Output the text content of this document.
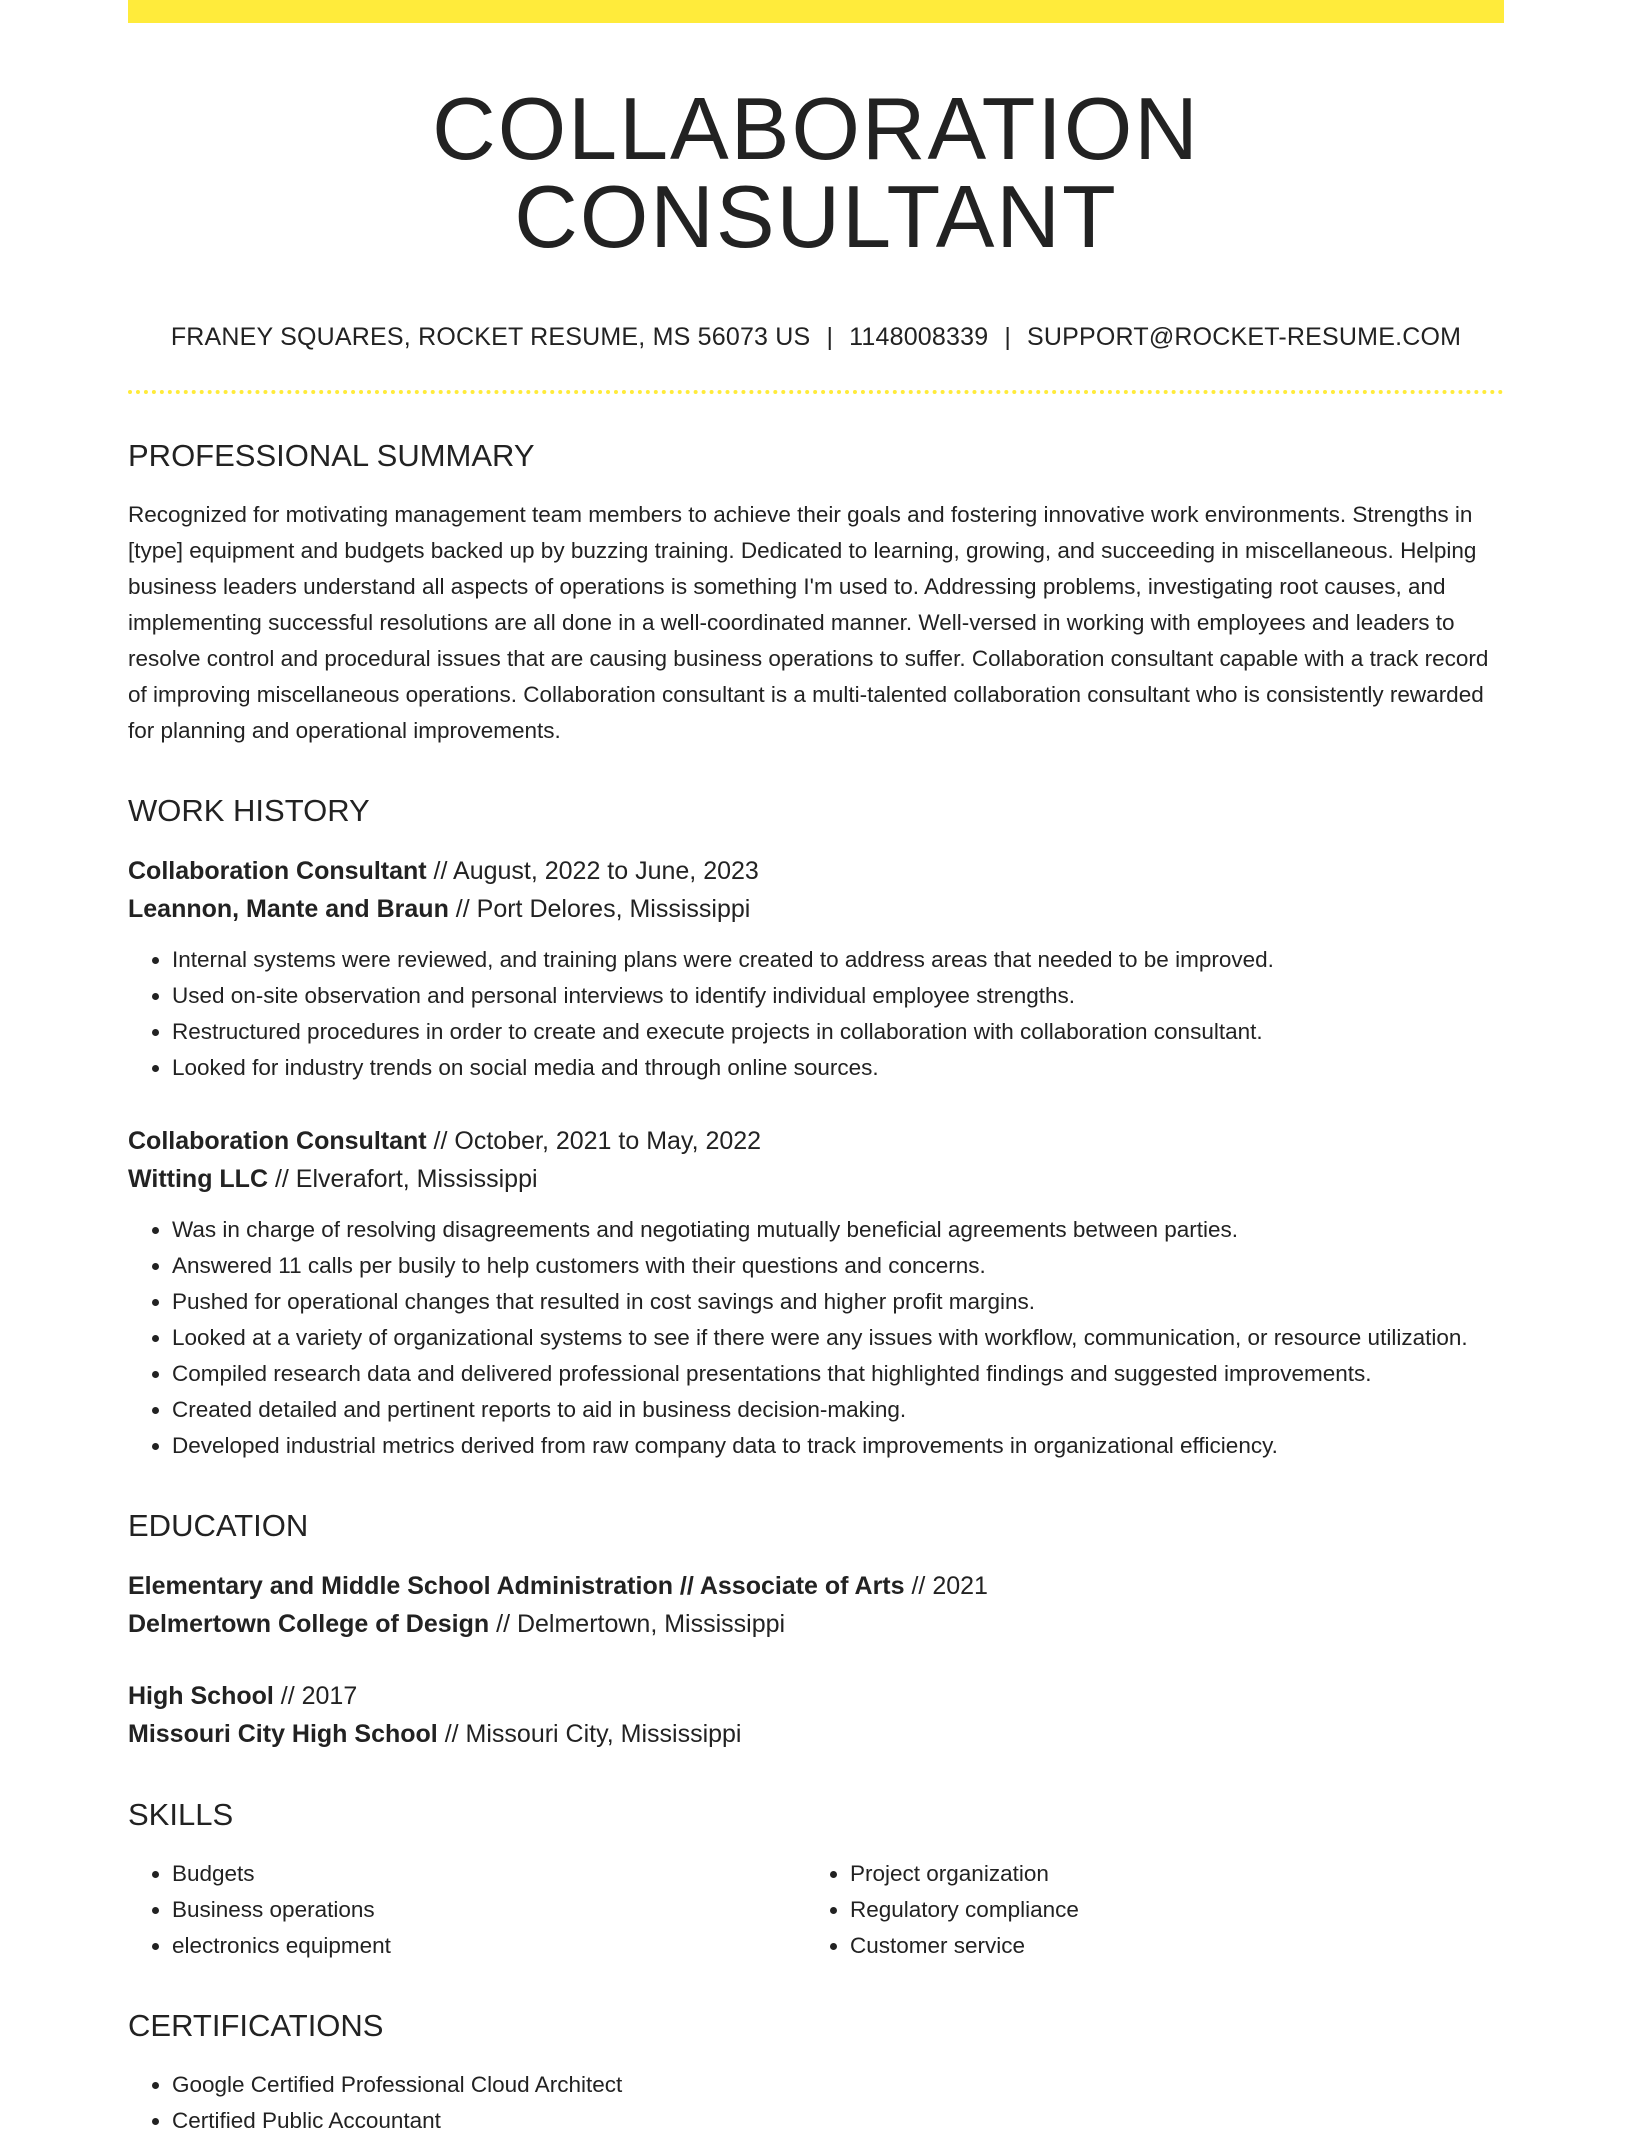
COLLABORATION CONSULTANT
FRANEY SQUARES, ROCKET RESUME, MS 56073 US | 1148008339 | SUPPORT@ROCKET-RESUME.COM
PROFESSIONAL SUMMARY
Recognized for motivating management team members to achieve their goals and fostering innovative work environments. Strengths in [type] equipment and budgets backed up by buzzing training. Dedicated to learning, growing, and succeeding in miscellaneous. Helping business leaders understand all aspects of operations is something I'm used to. Addressing problems, investigating root causes, and implementing successful resolutions are all done in a well-coordinated manner. Well-versed in working with employees and leaders to resolve control and procedural issues that are causing business operations to suffer. Collaboration consultant capable with a track record of improving miscellaneous operations. Collaboration consultant is a multi-talented collaboration consultant who is consistently rewarded for planning and operational improvements.
WORK HISTORY
Collaboration Consultant // August, 2022 to June, 2023
Leannon, Mante and Braun // Port Delores, Mississippi
• Internal systems were reviewed, and training plans were created to address areas that needed to be improved.
• Used on-site observation and personal interviews to identify individual employee strengths.
• Restructured procedures in order to create and execute projects in collaboration with collaboration consultant.
• Looked for industry trends on social media and through online sources.
Collaboration Consultant // October, 2021 to May, 2022
Witting LLC // Elverafort, Mississippi
• Was in charge of resolving disagreements and negotiating mutually beneficial agreements between parties.
• Answered 11 calls per busily to help customers with their questions and concerns.
• Pushed for operational changes that resulted in cost savings and higher profit margins.
• Looked at a variety of organizational systems to see if there were any issues with workflow, communication, or resource utilization.
• Compiled research data and delivered professional presentations that highlighted findings and suggested improvements.
• Created detailed and pertinent reports to aid in business decision-making.
• Developed industrial metrics derived from raw company data to track improvements in organizational efficiency.
EDUCATION
Elementary and Middle School Administration // Associate of Arts // 2021
Delmertown College of Design // Delmertown, Mississippi
High School // 2017
Missouri City High School // Missouri City, Mississippi
SKILLS
• Budgets
• Business operations
• electronics equipment
• Project organization
• Regulatory compliance
• Customer service
CERTIFICATIONS
• Google Certified Professional Cloud Architect
• Certified Public Accountant
